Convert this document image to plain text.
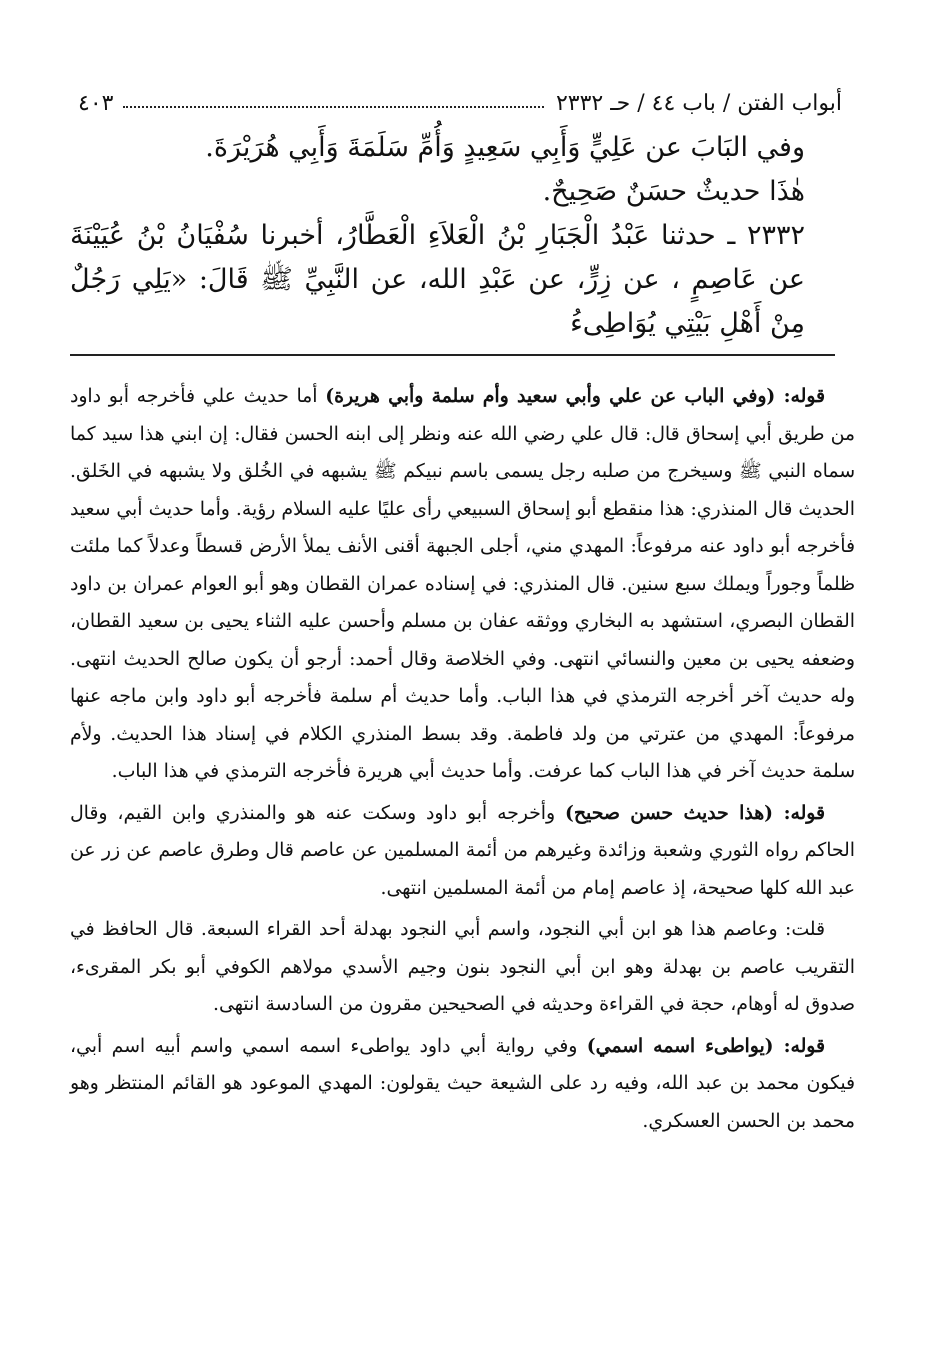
أبواب الفتن / باب ٤٤ / حـ ٢٣٣٢
٤٠٣

وفي البَابَ عن عَلِيٍّ وَأَبِي سَعِيدٍ وَأُمِّ سَلَمَةَ وَأَبِي هُرَيْرَةَ.

هٰذَا حديثٌ حسَنٌ صَحِيحٌ.

٢٣٣٢ ـ حدثنا عَبْدُ الْجَبَارِ بْنُ الْعَلاَءِ الْعَطَّارُ، أخبرنا سُفْيَانُ بْنُ عُيَيْنَةَ عن عَاصِمٍ ، عن زِرٍّ، عن عَبْدِ الله، عن النَّبِيِّ ﷺ قَالَ: «يَلِي رَجُلٌ مِنْ أَهْلِ بَيْتِي يُوَاطِىءُ

قوله: (وفي الباب عن علي وأبي سعيد وأم سلمة وأبي هريرة) أما حديث علي فأخرجه أبو داود من طريق أبي إسحاق قال: قال علي رضي الله عنه ونظر إلى ابنه الحسن فقال: إن ابني هذا سيد كما سماه النبي ﷺ وسيخرج من صلبه رجل يسمى باسم نبيكم ﷺ يشبهه في الخُلق ولا يشبهه في الخَلق. الحديث قال المنذري: هذا منقطع أبو إسحاق السبيعي رأى عليًا عليه السلام رؤية. وأما حديث أبي سعيد فأخرجه أبو داود عنه مرفوعاً: المهدي مني، أجلى الجبهة أقنى الأنف يملأ الأرض قسطاً وعدلاً كما ملئت ظلماً وجوراً ويملك سبع سنين. قال المنذري: في إسناده عمران القطان وهو أبو العوام عمران بن داود القطان البصري، استشهد به البخاري ووثقه عفان بن مسلم وأحسن عليه الثناء يحيى بن سعيد القطان، وضعفه يحيى بن معين والنسائي انتهى. وفي الخلاصة وقال أحمد: أرجو أن يكون صالح الحديث انتهى. وله حديث آخر أخرجه الترمذي في هذا الباب. وأما حديث أم سلمة فأخرجه أبو داود وابن ماجه عنها مرفوعاً: المهدي من عترتي من ولد فاطمة. وقد بسط المنذري الكلام في إسناد هذا الحديث. ولأم سلمة حديث آخر في هذا الباب كما عرفت. وأما حديث أبي هريرة فأخرجه الترمذي في هذا الباب.

قوله: (هذا حديث حسن صحيح) وأخرجه أبو داود وسكت عنه هو والمنذري وابن القيم، وقال الحاكم رواه الثوري وشعبة وزائدة وغيرهم من أئمة المسلمين عن عاصم قال وطرق عاصم عن زر عن عبد الله كلها صحيحة، إذ عاصم إمام من أئمة المسلمين انتهى.

قلت: وعاصم هذا هو ابن أبي النجود، واسم أبي النجود بهدلة أحد القراء السبعة. قال الحافظ في التقريب عاصم بن بهدلة وهو ابن أبي النجود بنون وجيم الأسدي مولاهم الكوفي أبو بكر المقرىء، صدوق له أوهام، حجة في القراءة وحديثه في الصحيحين مقرون من السادسة انتهى.

قوله: (يواطىء اسمه اسمي) وفي رواية أبي داود يواطىء اسمه اسمي واسم أبيه اسم أبي، فيكون محمد بن عبد الله، وفيه رد على الشيعة حيث يقولون: المهدي الموعود هو القائم المنتظر وهو محمد بن الحسن العسكري.
